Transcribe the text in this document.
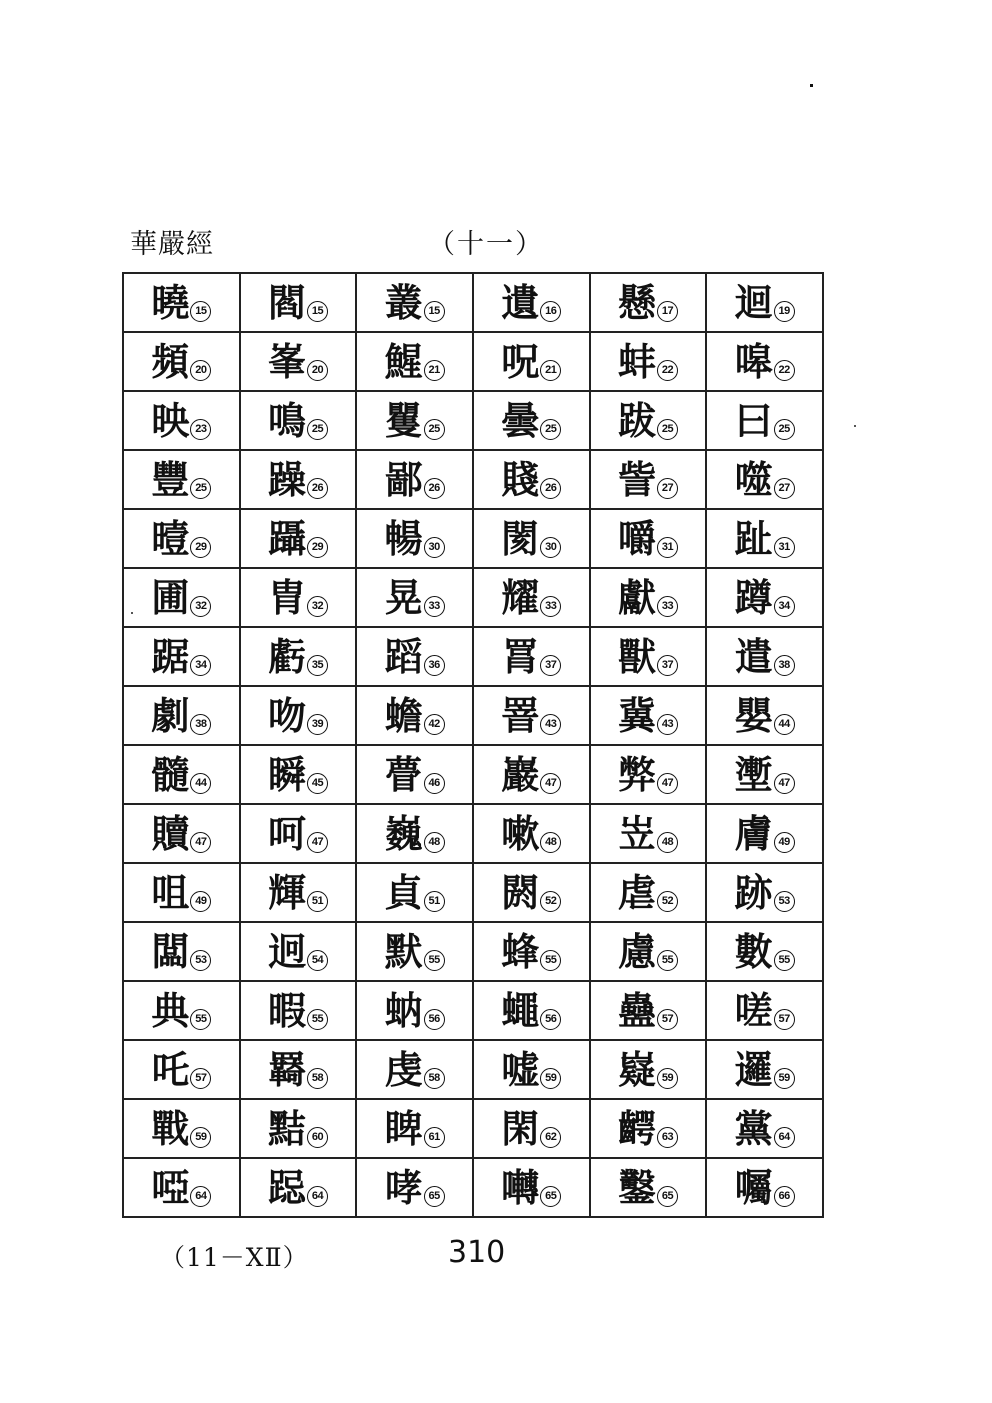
華嚴經	（十一）
曉 15	閻 15	叢 15	遺 16	懸 17	迴 19

頻 20	峯 20	鯹 21	呪 21	蚌 22	嗥 22

映 23	鳴 25	矍 25	曇 25	跋 25	曰 25

豐 25	躁 26	鄙 26	賤 26	訾 27	噬 27

曀 29	躡 29	暢 30	閡 30	嚼 31	趾 31

圃 32	胄 32	晃 33	耀 33	獻 33	蹲 34

踞 34	虧 35	蹈 36	罥 37	獸 37	遣 38

劇 38	吻 39	蟾 42	罯 43	冀 43	嬰 44

髓 44	瞬 45	瞢 46	巖 47	弊 47	壍 47

贖 47	呵 47	巍 48	嗽 48	岦 48	膚 49

咀 49	輝 51	貞 51	閼 52	虐 52	跡 53

闆 53	迥 54	默 55	蜂 55	慮 55	數 55

典 55	暇 55	蚋 56	蠅 56	蠱 57	嗟 57

吒 57	羇 58	虔 58	嘘 59	嶷 59	邏 59

戰 59	黠 60	睥 61	閑 62	齶 63	黨 64

啞 64	跽 64	哮 65	囀 65	鑿 65	囑 66
（11－XⅡ）	310
